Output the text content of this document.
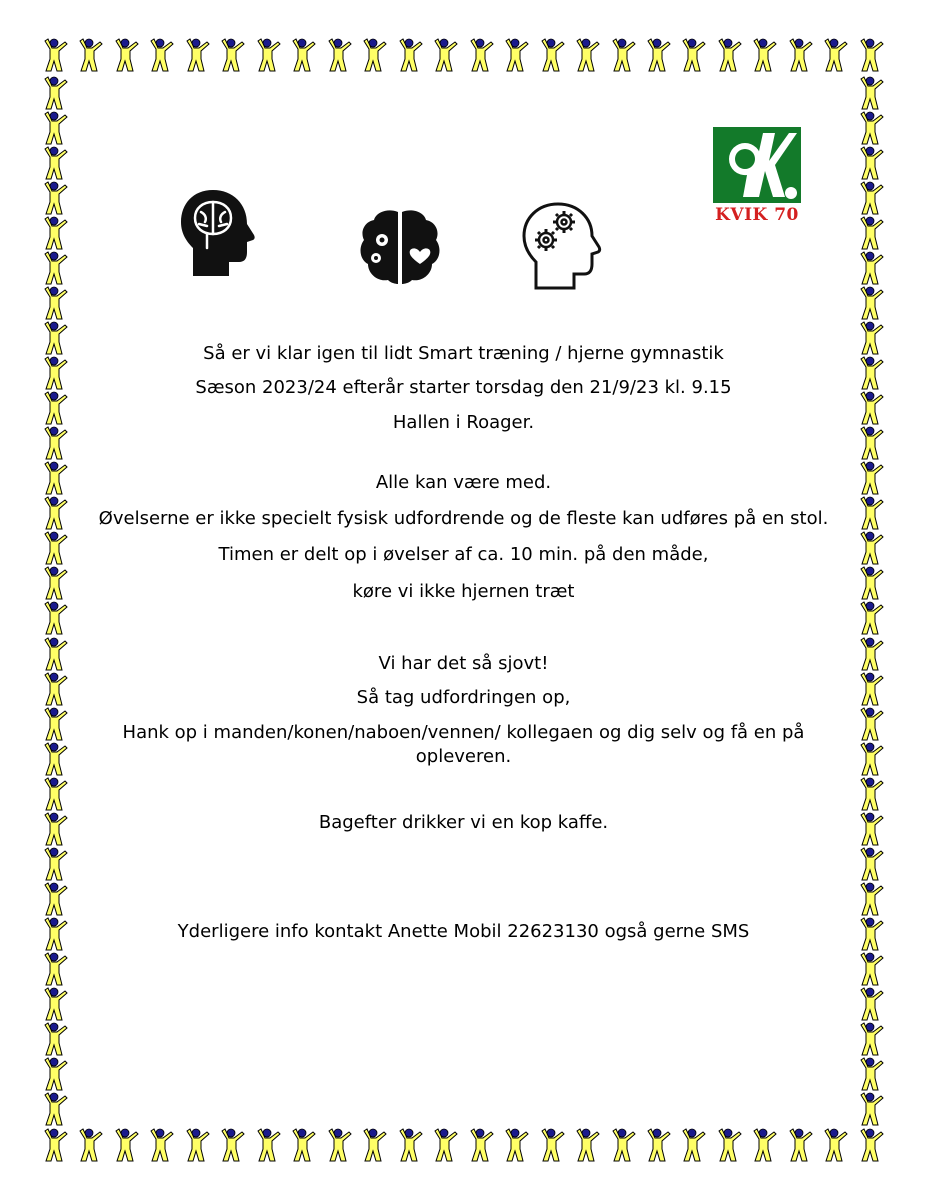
KVIK 70

Så er vi klar igen til lidt Smart træning / hjerne gymnastik

Sæson 2023/24 efterår starter torsdag den 21/9/23 kl. 9.15

Hallen i Roager.

Alle kan være med.

Øvelserne er ikke specielt fysisk udfordrende og de fleste kan udføres på en stol.

Timen er delt op i øvelser af ca. 10 min. på den måde,

køre vi ikke hjernen træt

Vi har det så sjovt!

Så tag udfordringen op,

Hank op i manden/konen/naboen/vennen/ kollegaen og dig selv og få en på opleveren.

Bagefter drikker vi en kop kaffe.

Yderligere info kontakt Anette Mobil 22623130 også gerne SMS
